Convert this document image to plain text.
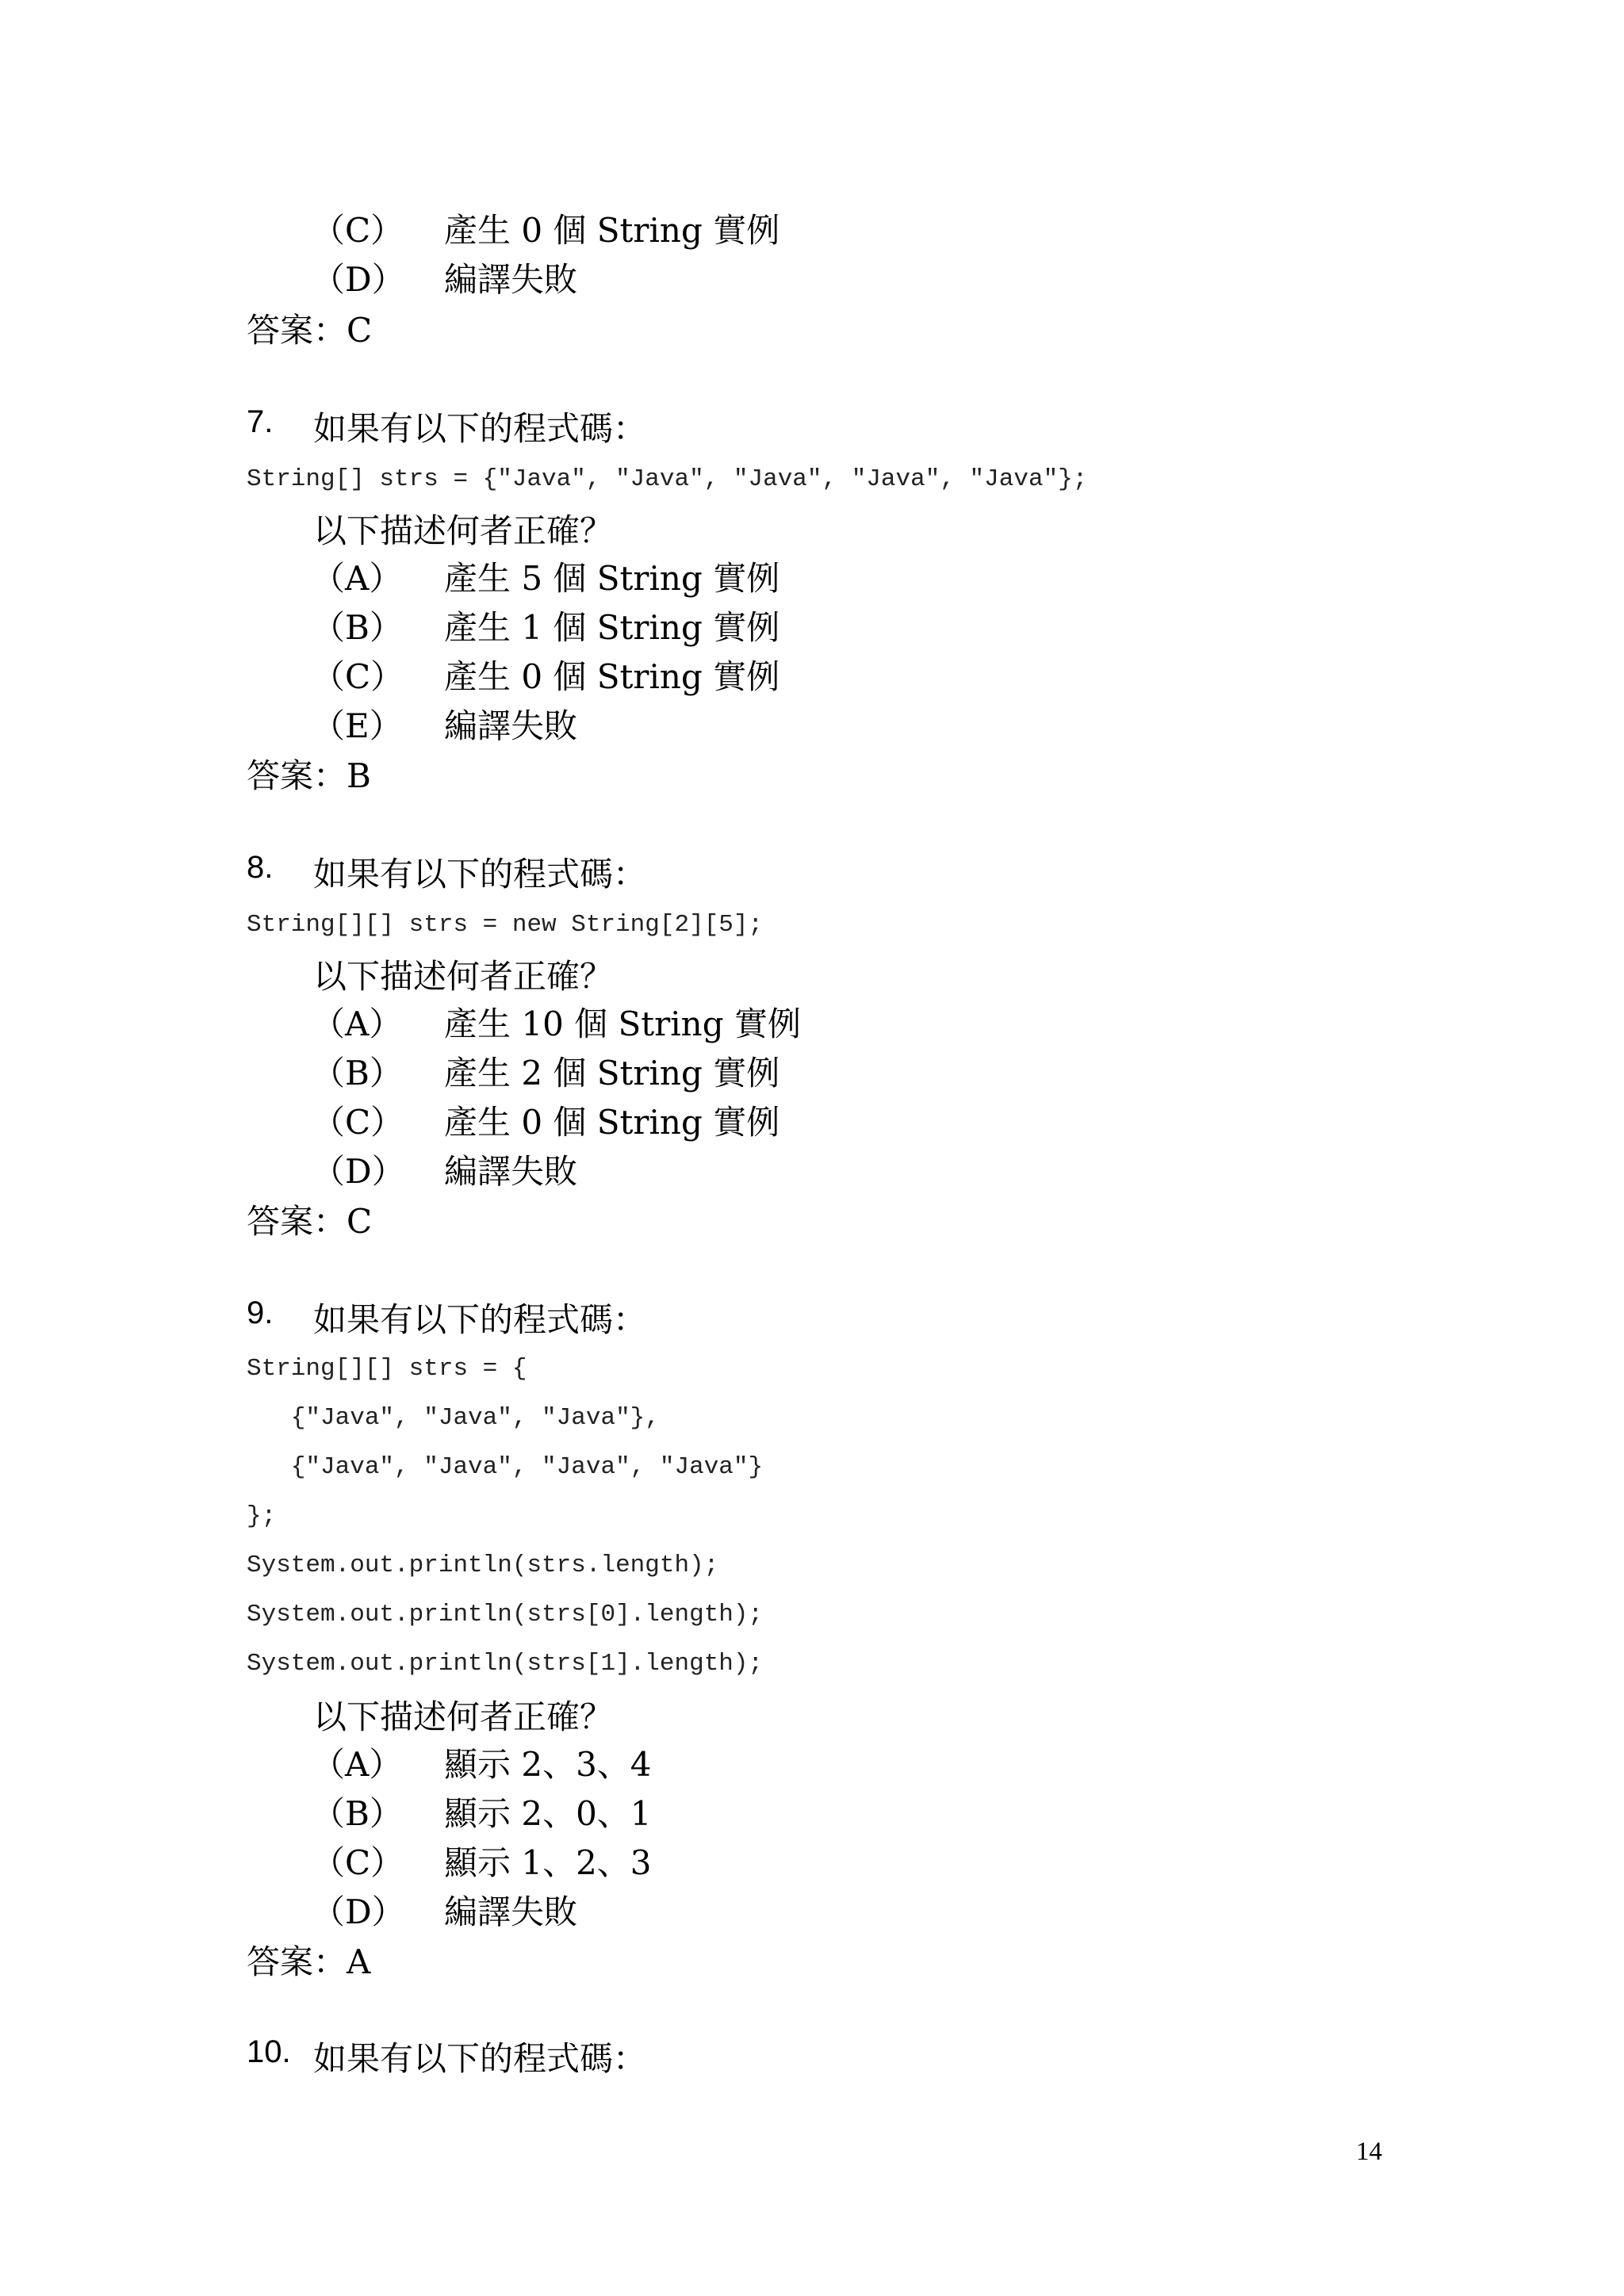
（C） 產生 0 個 String 實例
（D） 編譯失敗
答案：C
7. 如果有以下的程式碼：
String[] strs = {"Java", "Java", "Java", "Java", "Java"};
以下描述何者正確？
（A） 產生 5 個 String 實例
（B） 產生 1 個 String 實例
（C） 產生 0 個 String 實例
（E） 編譯失敗
答案：B
8. 如果有以下的程式碼：
String[][] strs = new String[2][5];
以下描述何者正確？
（A） 產生 10 個 String 實例
（B） 產生 2 個 String 實例
（C） 產生 0 個 String 實例
（D） 編譯失敗
答案：C
9. 如果有以下的程式碼：
String[][] strs = {
{"Java", "Java", "Java"},
{"Java", "Java", "Java", "Java"}
};
System.out.println(strs.length);
System.out.println(strs[0].length);
System.out.println(strs[1].length);
以下描述何者正確？
（A） 顯示 2、3、4
（B） 顯示 2、0、1
（C） 顯示 1、2、3
（D） 編譯失敗
答案：A
10. 如果有以下的程式碼：
14
